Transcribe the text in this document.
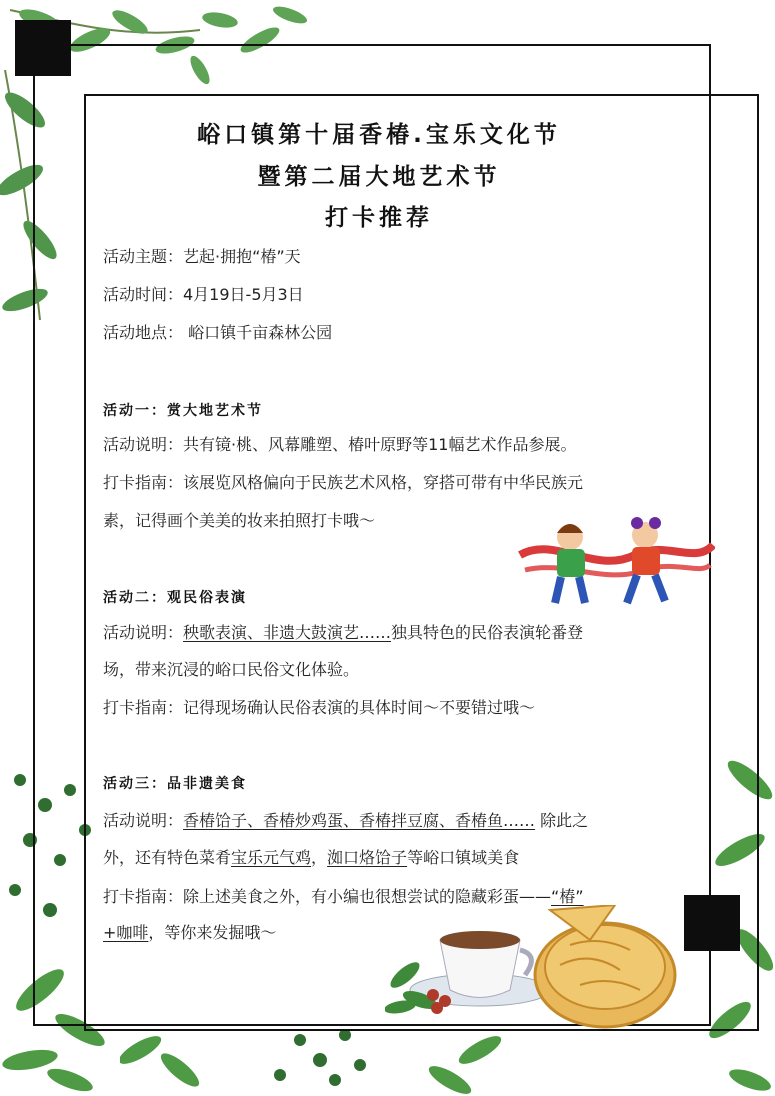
峪口镇第十届香椿.宝乐文化节
暨第二届大地艺术节
打卡推荐
活动主题：艺起·拥抱“椿”天
活动时间：4月19日-5月3日
活动地点： 峪口镇千亩森林公园
活动一：赏大地艺术节
活动说明：共有镜·桃、风幕雕塑、椿叶原野等11幅艺术作品参展。
打卡指南：该展览风格偏向于民族艺术风格，穿搭可带有中华民族元
素，记得画个美美的妆来拍照打卡哦～
活动二：观民俗表演
活动说明：秧歌表演、非遗大鼓演艺……独具特色的民俗表演轮番登
场，带来沉浸的峪口民俗文化体验。
打卡指南：记得现场确认民俗表演的具体时间～不要错过哦～
活动三：品非遗美食
活动说明：香椿饸子、香椿炒鸡蛋、香椿拌豆腐、香椿鱼…… 除此之
外，还有特色菜肴宝乐元气鸡，洳口烙饸子等峪口镇域美食
打卡指南：除上述美食之外，有小编也很想尝试的隐藏彩蛋——“椿”
+咖啡，等你来发掘哦～
